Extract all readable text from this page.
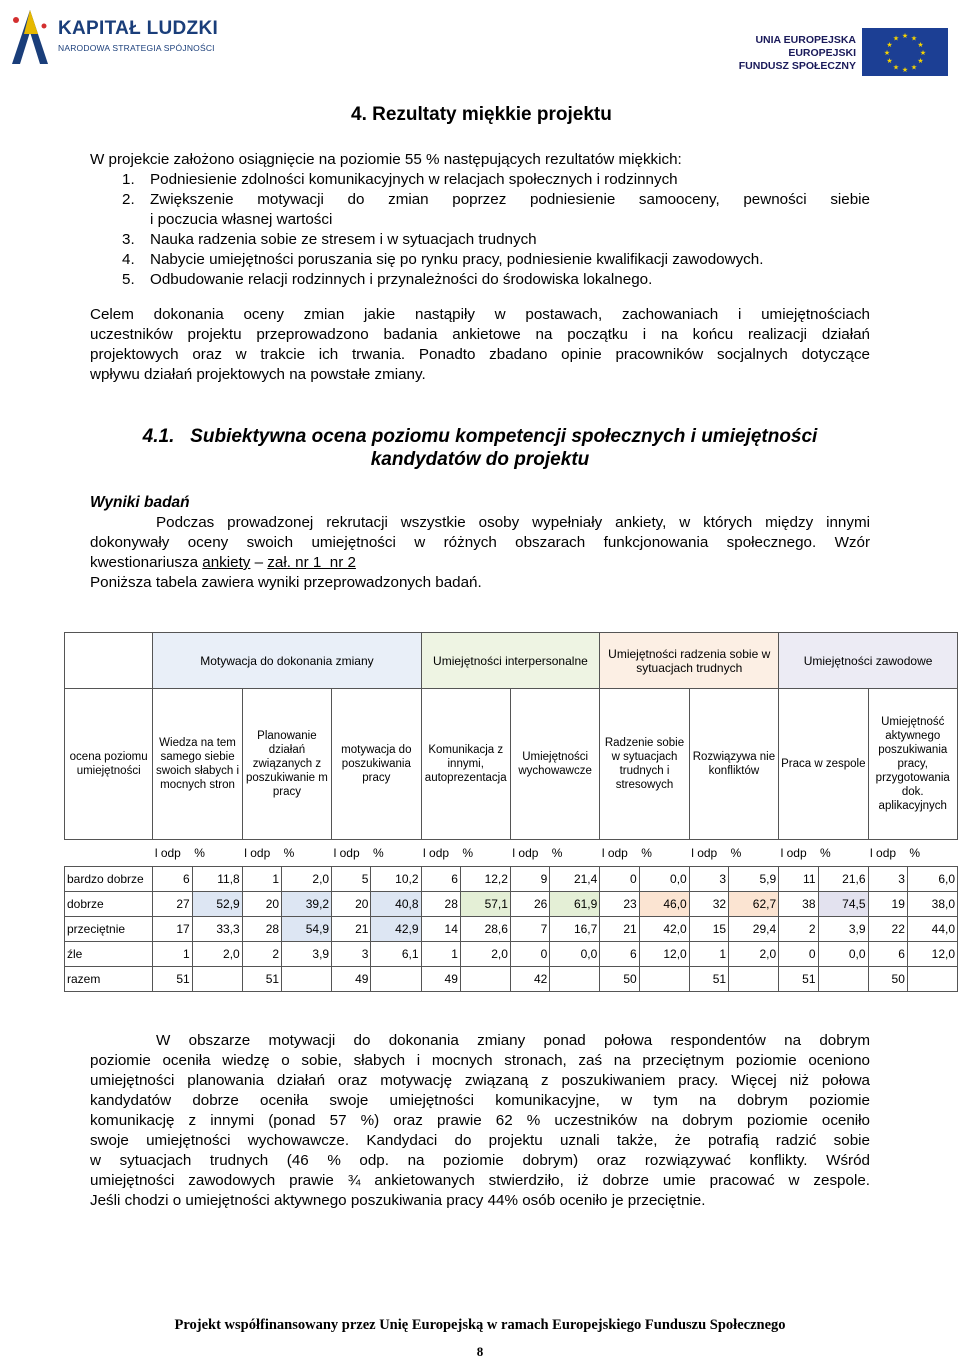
KAPITAŁ LUDZKI
NARODOWA STRATEGIA SPÓJNOŚCI
UNIA EUROPEJSKA
EUROPEJSKI
FUNDUSZ SPOŁECZNY
★ ★
★
★
★
★
★
★
★
★
★
★
4. Rezultaty miękkie projektu
W projekcie założono osiągnięcie na poziomie 55 % następujących rezultatów miękkich:
1. Podniesienie zdolności komunikacyjnych w relacjach społecznych i rodzinnych
2. Zwiększenie motywacji do zmian poprzez podniesienie samooceny, pewności siebie
i poczucia własnej wartości
3. Nauka radzenia sobie ze stresem i w sytuacjach trudnych
4. Nabycie umiejętności poruszania się po rynku pracy, podniesienie kwalifikacji zawodowych.
5. Odbudowanie relacji rodzinnych i przynależności do środowiska lokalnego.
Celem dokonania oceny zmian jakie nastąpiły w postawach, zachowaniach i umiejętnościach
uczestników projektu przeprowadzono badania ankietowe na początku i na końcu realizacji działań
projektowych oraz w trakcie ich trwania. Ponadto zbadano opinie pracowników socjalnych dotyczące
wpływu działań projektowych na powstałe zmiany.
4.1.   Subiektywna ocena poziomu kompetencji społecznych i umiejętności
kandydatów do projektu
Wyniki badań
Podczas prowadzonej rekrutacji wszystkie osoby wypełniały ankiety, w których między innymi
dokonywały oceny swoich umiejętności w różnych obszarach funkcjonowania społecznego. Wzór
kwestionariusza ankiety – zał. nr 1  nr 2
Poniższa tabela zawiera wyniki przeprowadzonych badań.
	Motywacja do dokonania zmiany						Umiejętności interpersonalne				Umiejętności radzenia sobie w sytuacjach trudnych				Umiejętności zawodowe			
ocena poziomu umiejętności	Wiedza na tem samego siebie swoich słabych i mocnych stron		Planowanie działań związanych z poszukiwanie m pracy		motywacja do poszukiwania pracy		Komunikacja z innymi, autoprezentacja		Umiejętności wychowawcze		Radzenie sobie w sytuacjach trudnych i stresowych		Rozwiązywa nie konfliktów		Praca w zespole		Umiejętność aktywnego poszukiwania pracy, przygotowania dok. aplikacyjnych	
	l odp	%	l odp	%	l odp	%	l odp	%	l odp	%	l odp	%	l odp	%	l odp	%	l odp	%
bardzo dobrze	6	11,8	1	2,0	5	10,2	6	12,2	9	21,4	0	0,0	3	5,9	11	21,6	3	6,0
dobrze	27	52,9	20	39,2	20	40,8	28	57,1	26	61,9	23	46,0	32	62,7	38	74,5	19	38,0
przeciętnie	17	33,3	28	54,9	21	42,9	14	28,6	7	16,7	21	42,0	15	29,4	2	3,9	22	44,0
źle	1	2,0	2	3,9	3	6,1	1	2,0	0	0,0	6	12,0	1	2,0	0	0,0	6	12,0
razem	51		51		49		49		42		50		51		51		50	
W obszarze motywacji do dokonania zmiany ponad połowa respondentów na dobrym
poziomie oceniła wiedzę o sobie, słabych i mocnych stronach, zaś na przeciętnym poziomie oceniono
umiejętności planowania działań oraz motywację związaną z poszukiwaniem pracy. Więcej niż połowa
kandydatów dobrze oceniła swoje umiejętności komunikacyjne, w tym na dobrym poziomie
komunikację z innymi (ponad 57 %) oraz prawie 62 % uczestników na dobrym poziomie oceniło
swoje umiejętności wychowawcze. Kandydaci do projektu uznali także, że potrafią radzić sobie
w sytuacjach trudnych (46 % odp. na poziomie dobrym) oraz rozwiązywać konflikty. Wśród
umiejętności zawodowych prawie ¾ ankietowanych stwierdziło, iż dobrze umie pracować w zespole.
Jeśli chodzi o umiejętności aktywnego poszukiwania pracy 44% osób oceniło je przeciętnie.
Projekt współfinansowany przez Unię Europejską w ramach Europejskiego Funduszu Społecznego
8
